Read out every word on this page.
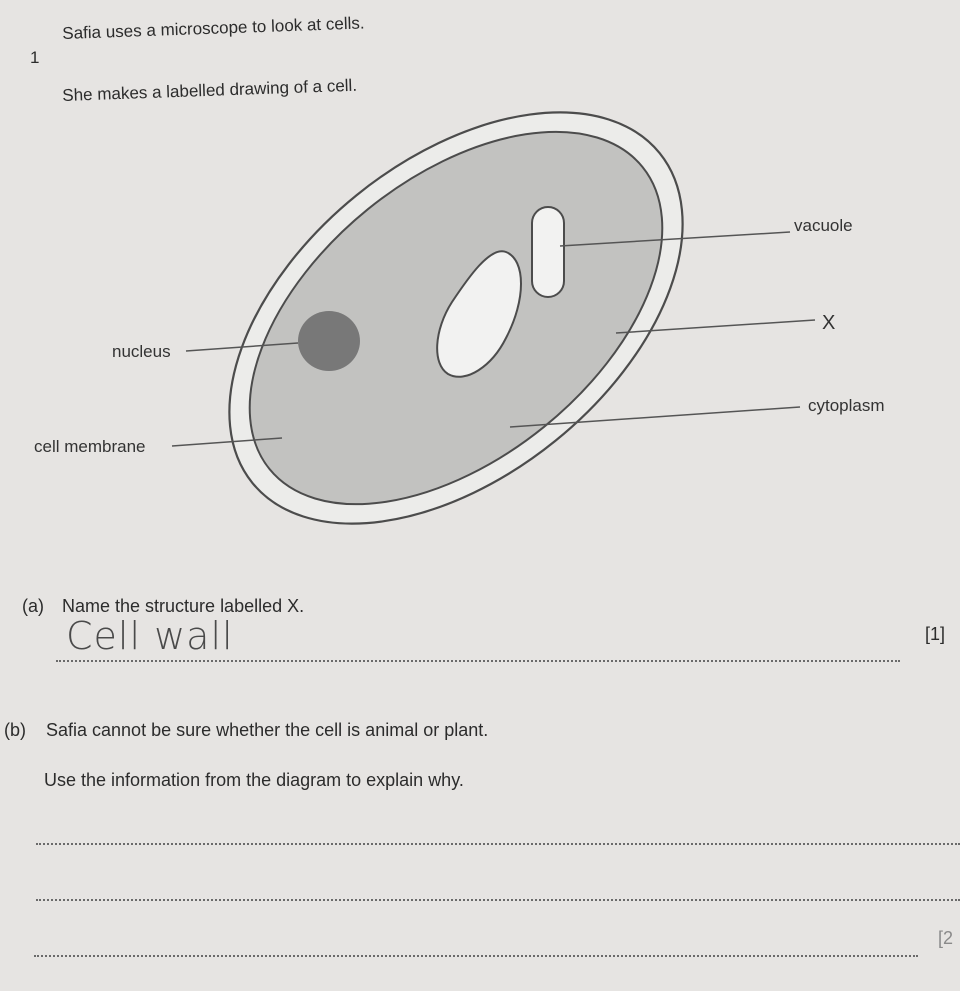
1
Safia uses a microscope to look at cells.
She makes a labelled drawing of a cell.
vacuole
X
cytoplasm
nucleus
cell membrane
(a) Name the structure labelled X.
Cell wall	[1]
(b) Safia cannot be sure whether the cell is animal or plant.
Use the information from the diagram to explain why.
[2
